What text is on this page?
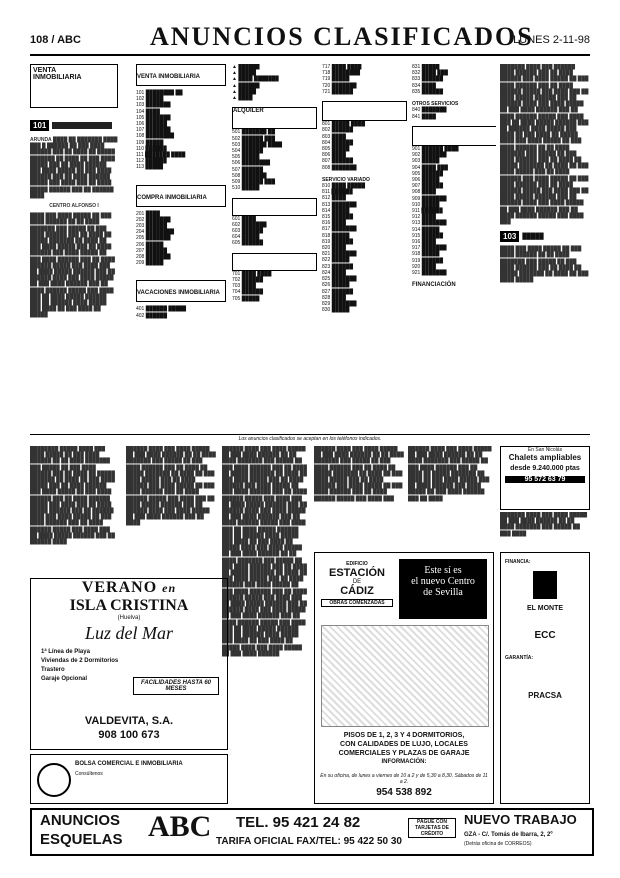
108 / ABC	ANUNCIOS CLASIFICADOS
LUNES 2-11-98
VENTA INMOBILIARIA
101
ARUNDA ████ ██ ███████ ████ ███ █ ██████ ██ ███ ████ ██████ ███ ██ ████ ██ █████ ███████ ██ ████ ██ ███ ████ █████ ███ ██ ████ ██████ ███ ████ █████ ██ ███ ████ ██████ ███ ██ ████ ██████ █████ ███ ████ ███ ██ ████ █████ ██████ ███ ██ ██████ ████
CENTRO ALFONSO I
████ ███ ████ █████ ██ ███ ████ ██████ ██ ██ ████ ███████ ███ █████ ██ ███ ████ ██████ ███ ██ ████ ██ █████ ███████ ██ ████ ██ ███ ████ █████ ███ ██ ████ ██████ ███ ████ █████ ██ ███ ████ ██████ ███ ██ ████ ██████ █████ ███ ████ ███ ██ ████ █████ ██████ ███ ██ ██████ ████ ███ ████ █████ ██ ███ ████ ██████ ███ ██ ████ ██████ █████ ███ ████ ███ ██ ████ █████ ██████ ███ ██ ██████ ████ █████ ███ ████ ██ ███ ████ ██ █████
VENTA INMOBILIARIA
101 ████████ ██
102 █████
103 ███████
104 ████
105 ███████
106 ██████
107 ███████
108 ████████
109 █████
110 ██████
111 ███████ ████
112 ██████
113 █████
COMPRA INMOBILIARIA
201 ████
202 ███████
203 ██████
204 ████████
205 ███████
206 █████
207 ██████
208 ███████
209 █████
VACACIONES INMOBILIARIA
401 ██████ █████
402 ██████
▲ ██████
▲ █████
▲ ████ ███████
▲ ██████
▲ █████
▲ ████

ALQUILER
501 ███████ ██
502 ██████ ███
503 ███████ ████
504 ██████
505 █████
506 ████████
507 ██████
508 ███████
509 ██████ ███
510 █████

601 ████
602 ███████
603 ██████
604 █████
605 ██████

701 ████ ████
702 ██████
703 ████
704 ██████
705 █████
717 ████ ████
718 ████████
719 █████
720 ███████
721 ██████

801 █████ ████
802 ██████
803 ████
804 ██████
805 █████
806 ████
807 ██████
808 ███████

SERVICIO VARIADO
810 ████ █████
811 ██████
812 ████
813 ███████
814 █████
815 ██████
816 ████
817 ███████
818 █████
819 ██████
820 ████
821 ███████
822 █████
823 ██████
824 ████
825 ███████
826 █████
827 ██████
828 ████
829 ███████
830 █████
831 █████
832 ████ ███
833 ██████
834 ████
835 ██████

OTROS SERVICIOS
840 ███████
841 ████

901 ██████ ████
902 ███████
903 █████
904 ████ ███
905 ██████
906 █████
907 ██████
908 ████
909 ███████
910 █████
911 ██████
912 ████
913 ███████
914 █████
915 ██████
916 ████
917 ███████
918 █████
919 ██████
920 ████
921 ███████
FINANCIACIÓN
███████ ████ ███ ██████ ████ ██████ ███ ██ ████ ██████ ███ ████ █████ ██ ███ ████ ██████ ███ ██ ████ ██████ █████ ███ ████ ███ ██ ████ █████ ██████ ███ ██ ██████ ████ ███ ████ █████ ██ ███ ████ ██████ ███ ██ ████ ██████ █████ ███ ████ ███ ██ ████ █████ ██████ ███ ██ ██████ ████ █████ ███ ████ ██ ███ ████ ██ █████ ████ ███ ████ █████ ██ ███ ████ ██████ ██ ██ ████ ███████ ███ █████ ██ ███ ████ ██████ ███ ██ ████ ██ █████ ███████ ██ ████ ██ ███ ████ █████ ███ ██ ████ ██████ ███ ████ █████ ██ ███ ████ ██████ ███ ██ ████ ██████ █████ ███ ████ ███ ██ ████ █████ ██████ ███ ██ ██████ ████ ███ ████ █████ ██ ███ ████ ██████ ███ ██ ████ ██████ █████ ███ ████ ███
103	█████
████ ███ ████ █████ ██ ███ ████ ██████ ██ ██ ████ ███████ ███ █████ ██ ███ ████ ██████ ███ ██ ████ ██ █████ ███████ ██ ████ ██ ███ ████ █████
Los anuncios clasificados se aceptan en los teléfonos indicados.
████████ █████ ████ ███ ████ █████ ██ ███ ████ ██████ ██ ██ ████ ███████ ███ █████ ██ ███ ████ ██████ ███ ██ ████ ██ █████ ███████ ██ ████ ██ ███ ████ █████ ███ ██ ████ ██████ ███ ████ █████ ██ ███ ████ ██████ ███ ██ ████ ██████ █████ ███ ████ ███ ██ ████ █████ ██████ ███ ██ ██████ ████ ███ ████ █████ ██ ███ ████ ██████ ███ ██ ████ ██████ █████ ███ ████ ███ ██ ████ █████ ██████ ███ ██ ██████ ████
██████ ████ ███ ████ █████ ██ ███ ████ ██████ ██ ██ ████ ███████ ███ █████ ██ ███ ████ ██████ ███ ██ ████ ██ █████ ███████ ██ ████ ██ ███ ████ █████ ███ ██ ████ ██████ ███ ████ █████ ██ ███ ████ ██████ ███ ██ ████ ██████ █████ ███ ████ ███ ██ ████ █████ ██████ ███ ██ ██████ ████ ███ ████ █████ ██ ███ ████ ██████ ███ ██ ████
██████ ████ ███ ████ █████ ██ ███ ████ ██████ ██ ██ ████ ███████ ███ █████ ██ ███ ████ ██████ ███ ██ ████ ██ █████ ███████ ██ ████ ██ ███ ████ █████ ███ ██ ████ ██████ ███ ████ █████ ██ ███ ████ ██████ ███ ██ ████ ██████ █████ ███ ████ ███ ██ ████ █████ ██████ ███ ██ ██████ ████ ███ ████ █████ ██ ███ ████ ██████ ███ ██ ████ ██████ █████ ███ ████ ███ ██ ████ █████ ██████ ███ ██ ██████ ████ █████ ███ ████ ██ ███ ████ ██ █████ ████ ███ ████ █████ ██ ███ ████ ██████ ██ ██ ████ ███████ ███ █████ ██ ███ ████ ██████ ███ ██ ████ ██ █████ ███████ ██ ████ ██ ███ ████ █████ ███ ██ ████ ██████ ███ ████ █████ ██ ███ ████ ██████ ███ ██ ████ ██████ █████ ███ ████ ███ ██ ████ █████ ██████ ███ ██ ██████ ████ ███ ████ █████ ██ ███ ████ ██████ ███ ██ ████ ██████ █████ ███ ████ ███ ██ ████ █████ ██████ ███ ██ ██████ ████ █████ ███ ████ ██ ███ ████ ██ █████ ████ ███ ████ █████ ██ ███ ████ ██████
██████ ████ ███ ████ █████ ██ ███ ████ ██████ ██ ██ ████ ███████ ███ █████ ██ ███ ████ ██████ ███ ██ ████ ██ █████ ███████ ██ ████ ██ ███ ████ █████ ███ ██ ████ ██████ ███ ████ █████ ██ ███ ████ ██████ ███ ██ ████ ██████ █████ ███ ████ ███
██████ ████ ███ ████ █████ ██ ███ ████ ██████ ██ ██ ████ ███████ ███ █████ ██ ███ ████ ██████ ███ ██ ████ ██ █████ ███████ ██ ████ ██ ███ ████ █████ ███ ██ ████ ██████ ███ ████ █████ ██ ███ ████ ██████ ███ ██ ████
En San Nicolás
Chalets ampliables
desde 9.240.000 ptas
95 572 63 79
███████ ████ ███ ████ █████ ██ ███ ████ ██████ ██ ██ ████ ███████ ███ █████ ██ ███ ████
VERANO en
ISLA CRISTINA
(Huelva)
Luz del Mar
1ª Línea de Playa
Viviendas de 2 Dormitorios
Trastero
Garaje Opcional
FACILIDADES HASTA 60 MESES
VALDEVITA, S.A.
908 100 673
BOLSA COMERCIAL E INMOBILIARIA
Consúltenos
EDIFICIO
ESTACIÓN
DE
CÁDIZ
OBRAS COMENZADAS
Este sí es
el nuevo Centro
de Sevilla
PISOS DE 1, 2, 3 Y 4 DORMITORIOS,
CON CALIDADES DE LUJO, LOCALES
COMERCIALES Y PLAZAS DE GARAJE
INFORMACIÓN:
En su oficina, de lunes a viernes de 10 a 2 y de 5,30 a 8,30. Sábados de 11 a 2.
954 538 892
FINANCIA:
EL MONTE
ECC
GARANTÍA:
PRACSA
ANUNCIOS
ESQUELAS ABC TEL. 95 421 24 82
TARIFA OFICIAL FAX/TEL: 95 422 50 30
PAGUE CON TARJETAS DE CRÉDITO
NUEVO TRABAJO
GZA - C/. Tomás de Ibarra, 2, 2º
(Detrás oficina de CORREOS)
